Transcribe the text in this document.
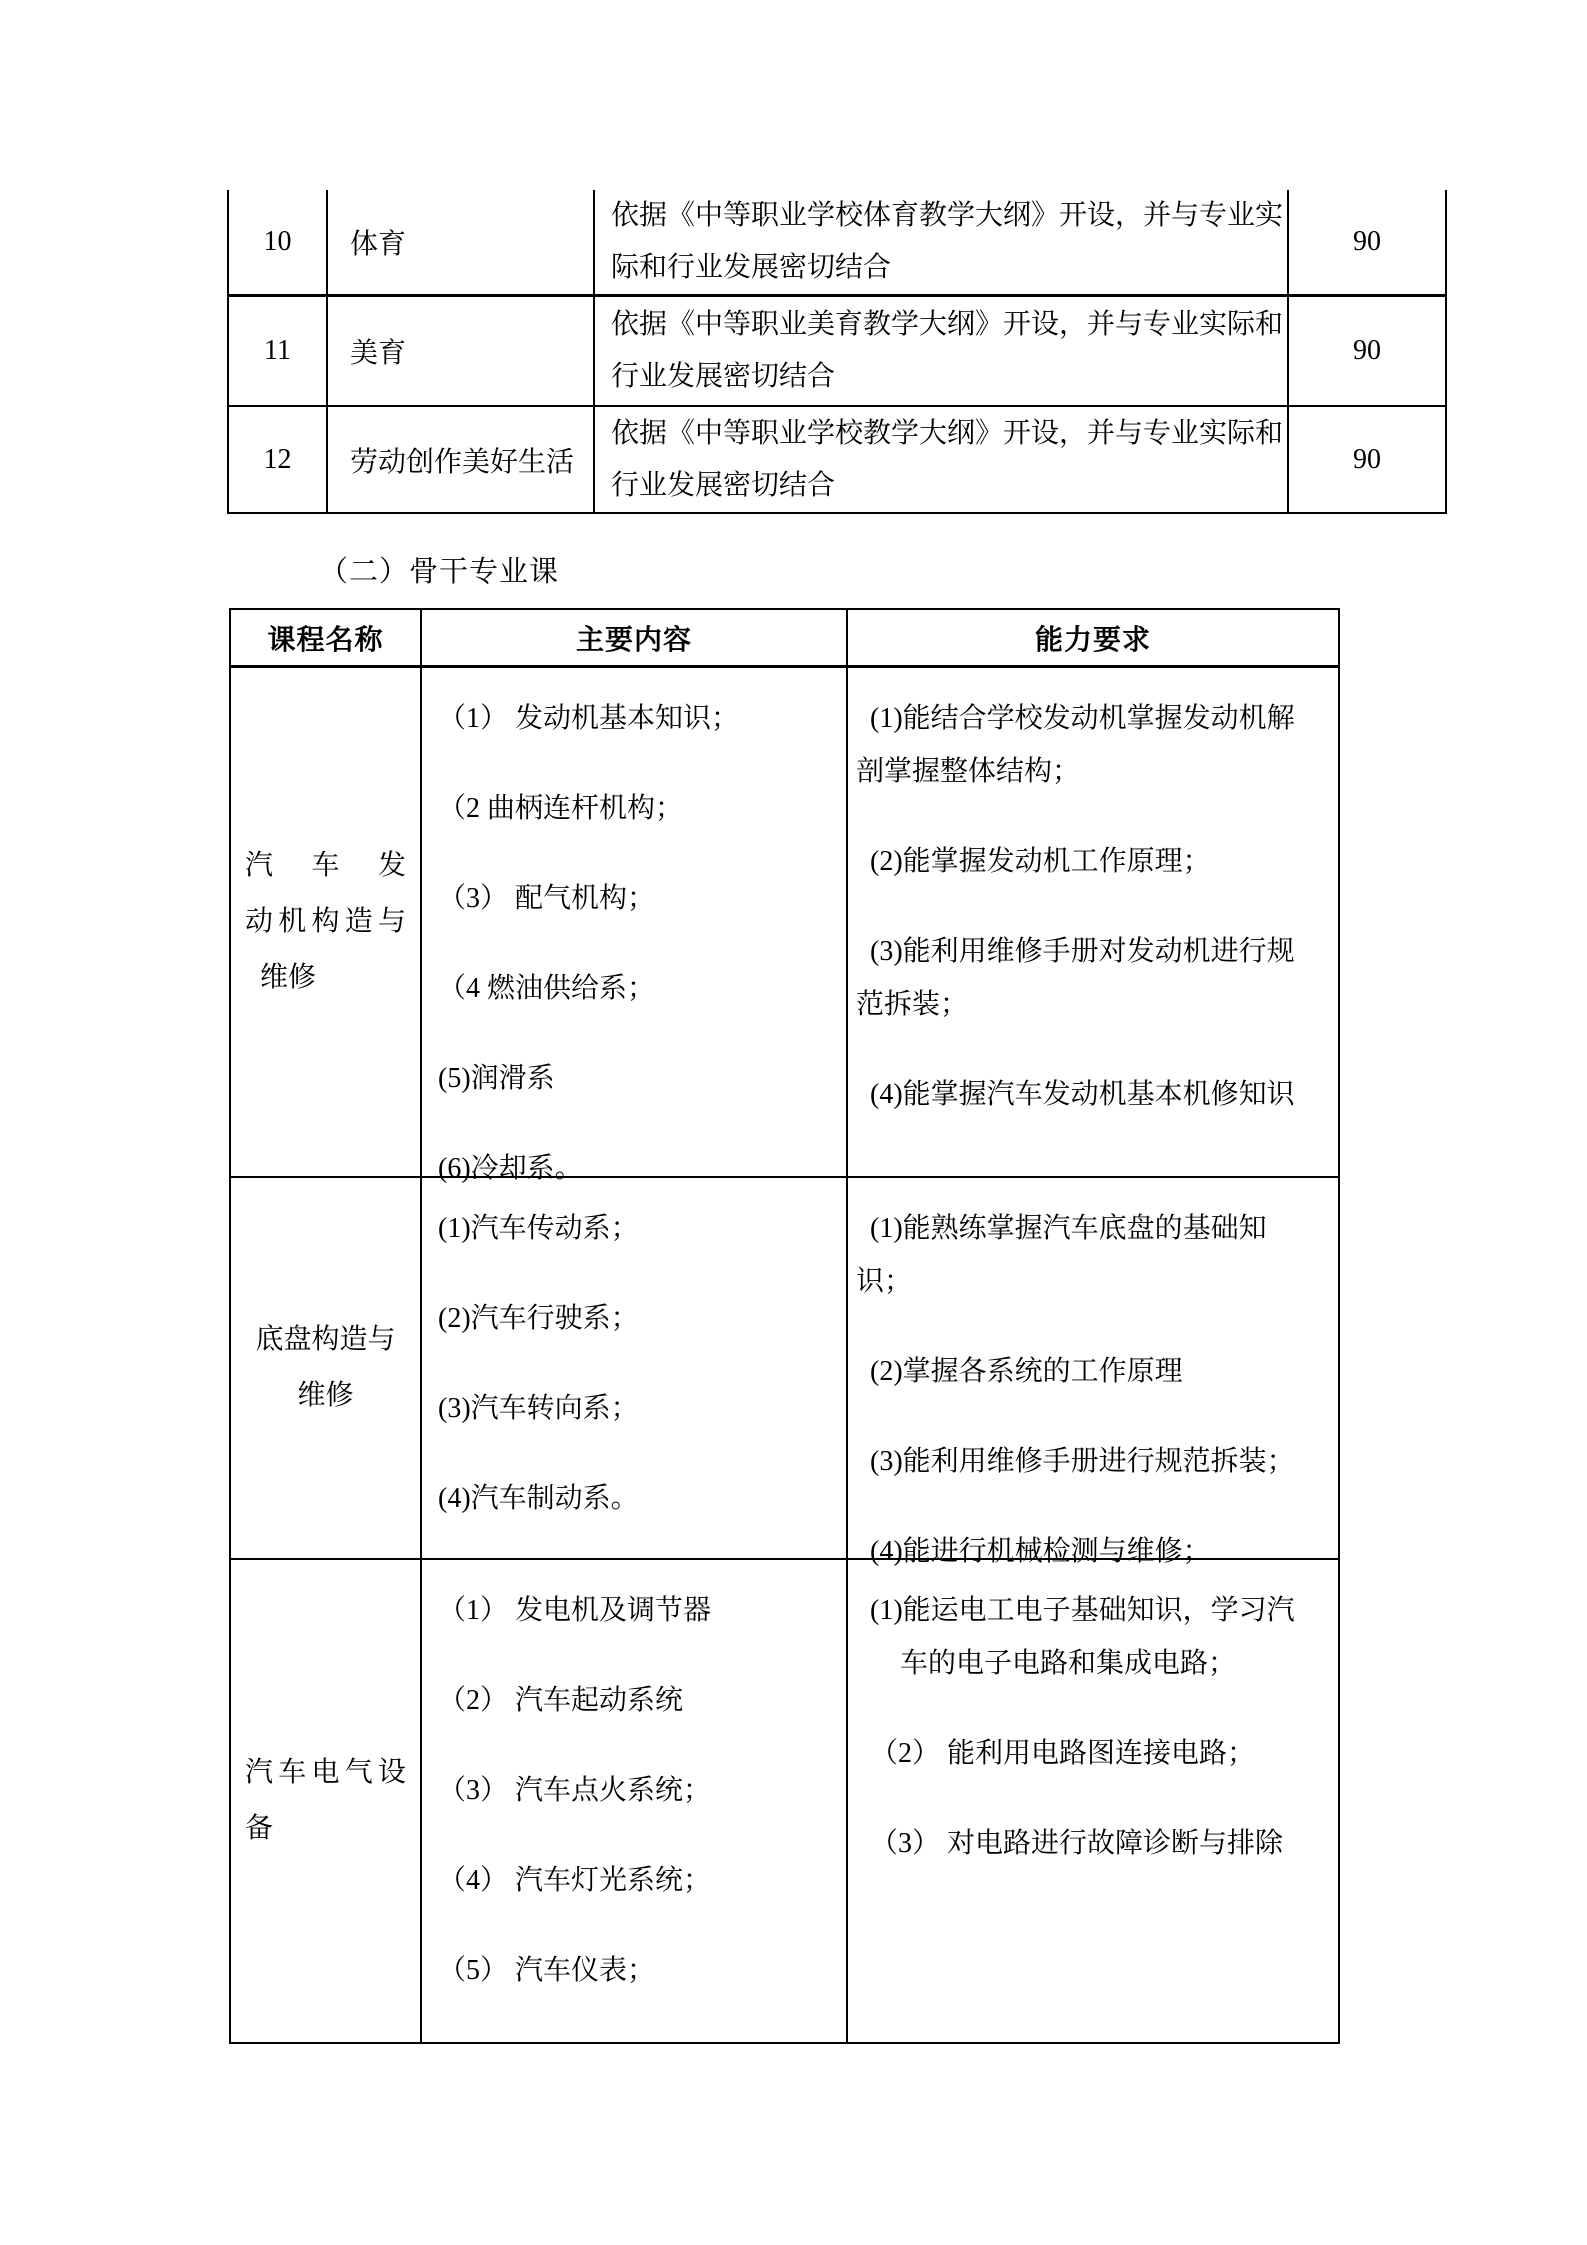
10 体育
依据《中等职业学校体育教学大纲》开设，并与专业实
际和行业发展密切结合
90
11 美育
依据《中等职业美育教学大纲》开设，并与专业实际和
行业发展密切结合
90
12 劳动创作美好生活
依据《中等职业学校教学大纲》开设，并与专业实际和
行业发展密切结合
90
（二）骨干专业课
课程名称	主要内容	能力要求
汽车发
动机构造与
维修
（1） 发动机基本知识；
（2 曲柄连杆机构；
（3） 配气机构；
（4 燃油供给系；
(5)润滑系
(6)冷却系。
(1)能结合学校发动机掌握发动机解
剖掌握整体结构；
(2)能掌握发动机工作原理；
(3)能利用维修手册对发动机进行规
范拆装；
(4)能掌握汽车发动机基本机修知识
底盘构造与
维修
(1)汽车传动系；
(2)汽车行驶系；
(3)汽车转向系；
(4)汽车制动系。
(1)能熟练掌握汽车底盘的基础知
识；
(2)掌握各系统的工作原理
(3)能利用维修手册进行规范拆装；
(4)能进行机械检测与维修；
汽车电气设
备
（1） 发电机及调节器
（2） 汽车起动系统
（3） 汽车点火系统；
（4） 汽车灯光系统；
（5） 汽车仪表；
(1)能运电工电子基础知识，学习汽
车的电子电路和集成电路；
（2） 能利用电路图连接电路；
（3） 对电路进行故障诊断与排除
